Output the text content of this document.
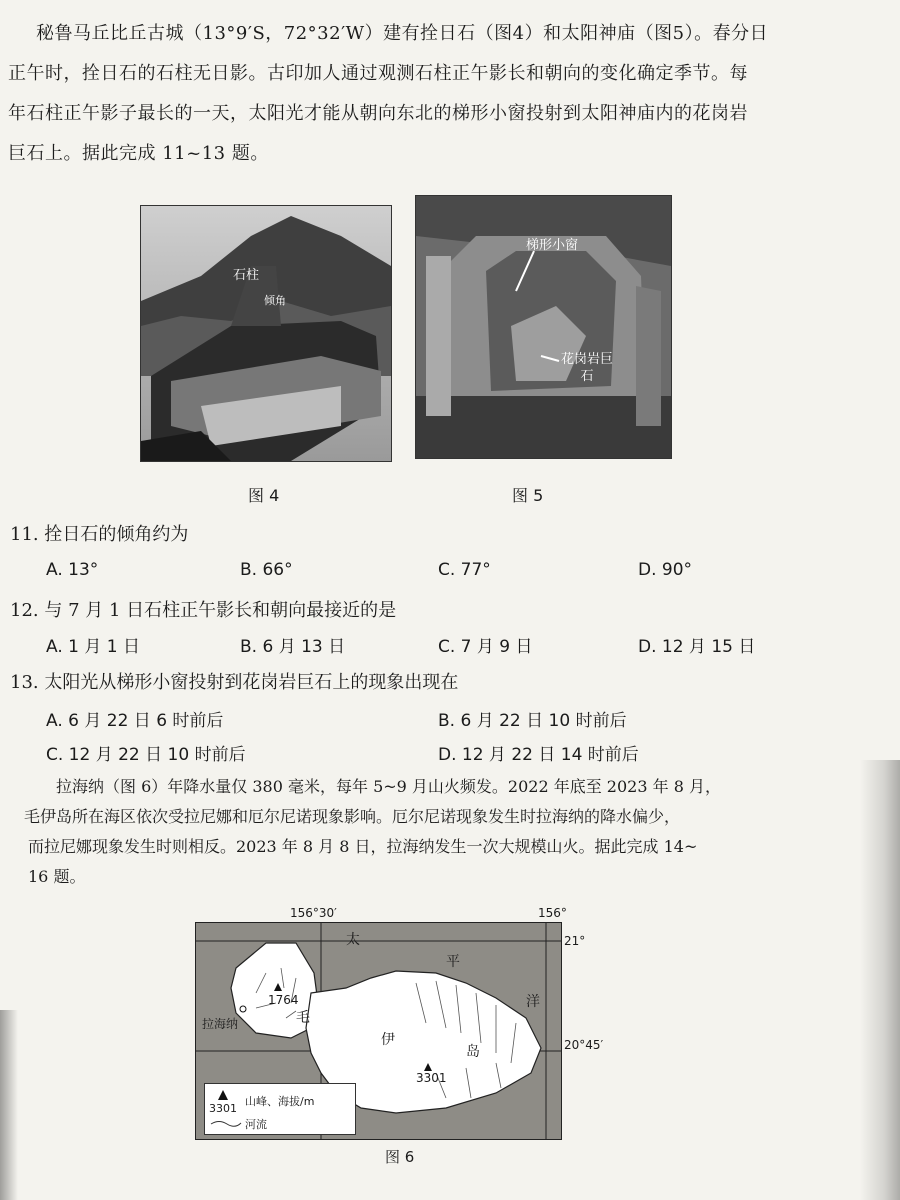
秘鲁马丘比丘古城（13°9′S，72°32′W）建有拴日石（图4）和太阳神庙（图5）。春分日

正午时，拴日石的石柱无日影。古印加人通过观测石柱正午影长和朝向的变化确定季节。每

年石柱正午影子最长的一天，太阳光才能从朝向东北的梯形小窗投射到太阳神庙内的花岗岩

巨石上。据此完成 11~13 题。

石柱
倾角
图 4
梯形小窗
花岗岩巨石
图 5
11. 拴日石的倾角约为
A. 13°	B. 66°	C. 77°	D. 90°
12. 与 7 月 1 日石柱正午影长和朝向最接近的是
A. 1 月 1 日	B. 6 月 13 日	C. 7 月 9 日	D. 12 月 15 日
13. 太阳光从梯形小窗投射到花岗岩巨石上的现象出现在
A. 6 月 22 日 6 时前后	B. 6 月 22 日 10 时前后
C. 12 月 22 日 10 时前后	D. 12 月 22 日 14 时前后

拉海纳（图 6）年降水量仅 380 毫米，每年 5~9 月山火频发。2022 年底至 2023 年 8 月，

毛伊岛所在海区依次受拉尼娜和厄尔尼诺现象影响。厄尔尼诺现象发生时拉海纳的降水偏少，

而拉尼娜现象发生时则相反。2023 年 8 月 8 日，拉海纳发生一次大规模山火。据此完成 14~

16 题。

156°30′	156°
21°
20°45′
太
平
洋
毛
伊
岛
拉海纳
1764
3301
3301
山峰、海拔/m
河流
图 6
